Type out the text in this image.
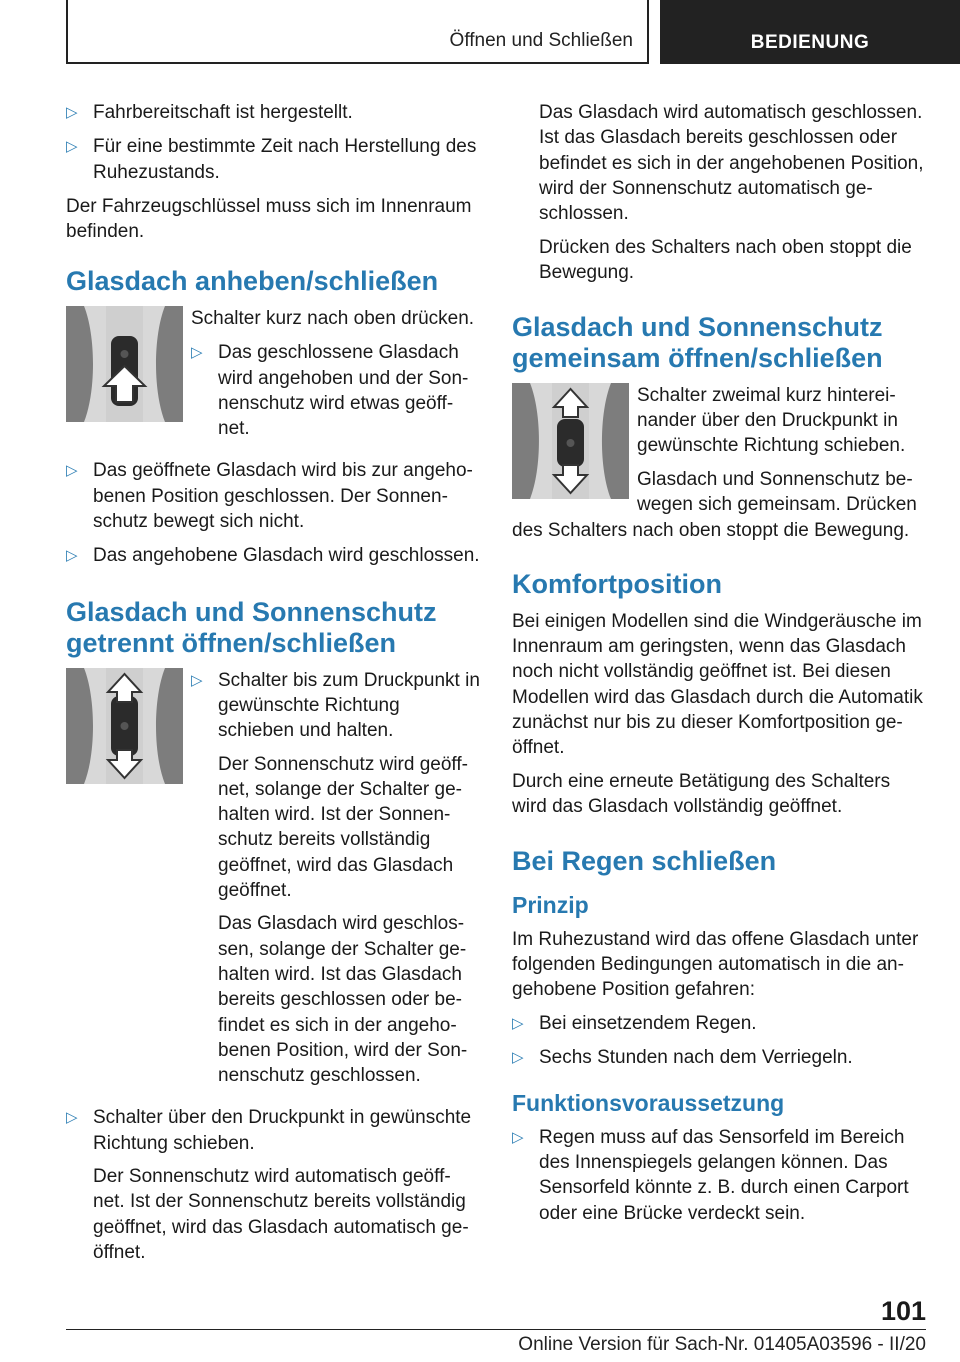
Öffnen und Schließen	BEDIENUNG
▷ Fahrbereitschaft ist hergestellt.
▷ Für eine bestimmte Zeit nach Herstellung des Ruhezustands.

Der Fahrzeugschlüssel muss sich im Innenraum befinden.

Glasdach anheben/schließen

Schalter kurz nach oben drücken.

▷ Das geschlossene Glasdach wird angehoben und der Son-nenschutz wird etwas geöff-net.
▷ Das geöffnete Glasdach wird bis zur angeho-benen Position geschlossen. Der Sonnen-schutz bewegt sich nicht.
▷ Das angehobene Glasdach wird geschlossen.
Glasdach und Sonnenschutz getrennt öffnen/schließen
▷ Schalter bis zum Druckpunkt in gewünschte Richtung schieben und halten.

Der Sonnenschutz wird geöff-net, solange der Schalter ge-halten wird. Ist der Sonnen-schutz bereits vollständig geöffnet, wird das Glasdach geöffnet.

Das Glasdach wird geschlos-sen, solange der Schalter ge-halten wird. Ist das Glasdach bereits geschlossen oder be-findet es sich in der angeho-benen Position, wird der Son-nenschutz geschlossen.

▷ Schalter über den Druckpunkt in gewünschte Richtung schieben.

Der Sonnenschutz wird automatisch geöff-net. Ist der Sonnenschutz bereits vollständig geöffnet, wird das Glasdach automatisch ge-öffnet.

Das Glasdach wird automatisch geschlossen. Ist das Glasdach bereits geschlossen oder befindet es sich in der angehobenen Position, wird der Sonnenschutz automatisch ge-schlossen.

Drücken des Schalters nach oben stoppt die Bewegung.

Glasdach und Sonnenschutz gemeinsam öffnen/schließen

Schalter zweimal kurz hinterei-nander über den Druckpunkt in gewünschte Richtung schieben.

Glasdach und Sonnenschutz be-wegen sich gemeinsam. Drücken

des Schalters nach oben stoppt die Bewegung.

Komfortposition

Bei einigen Modellen sind die Windgeräusche im Innenraum am geringsten, wenn das Glasdach noch nicht vollständig geöffnet ist. Bei diesen Modellen wird das Glasdach durch die Automatik zunächst nur bis zu dieser Komfortposition ge-öffnet.

Durch eine erneute Betätigung des Schalters wird das Glasdach vollständig geöffnet.

Bei Regen schließen
Prinzip

Im Ruhezustand wird das offene Glasdach unter folgenden Bedingungen automatisch in die an-gehobene Position gefahren:

▷ Bei einsetzendem Regen.
▷ Sechs Stunden nach dem Verriegeln.
Funktionsvoraussetzung
▷ Regen muss auf das Sensorfeld im Bereich des Innenspiegels gelangen können. Das Sensorfeld könnte z. B. durch einen Carport oder eine Brücke verdeckt sein.
101
Online Version für Sach-Nr. 01405A03596 - II/20
